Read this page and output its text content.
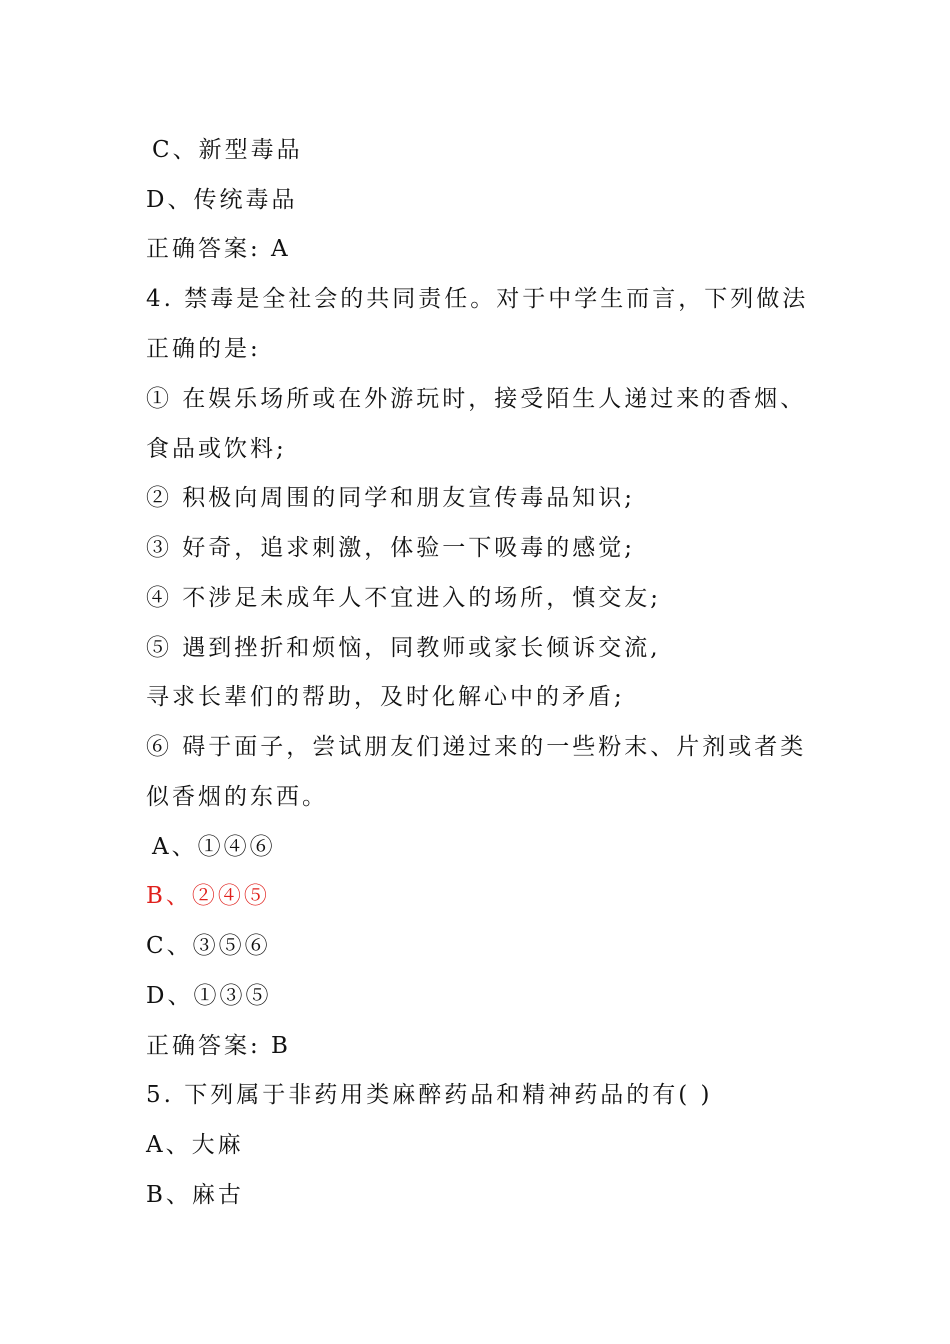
C、新型毒品
D、传统毒品
正确答案: A
4. 禁毒是全社会的共同责任。对于中学生而言，下列做法
正确的是:
① 在娱乐场所或在外游玩时，接受陌生人递过来的香烟、
食品或饮料;
② 积极向周围的同学和朋友宣传毒品知识;
③ 好奇，追求刺激，体验一下吸毒的感觉;
④ 不涉足未成年人不宜进入的场所，慎交友;
⑤ 遇到挫折和烦恼，同教师或家长倾诉交流,
寻求长辈们的帮助，及时化解心中的矛盾;
⑥ 碍于面子，尝试朋友们递过来的一些粉末、片剂或者类
似香烟的东西。
A、①④⑥
B、②④⑤
C、③⑤⑥
D、①③⑤
正确答案: B
5. 下列属于非药用类麻醉药品和精神药品的有( )
A、大麻
B、麻古
